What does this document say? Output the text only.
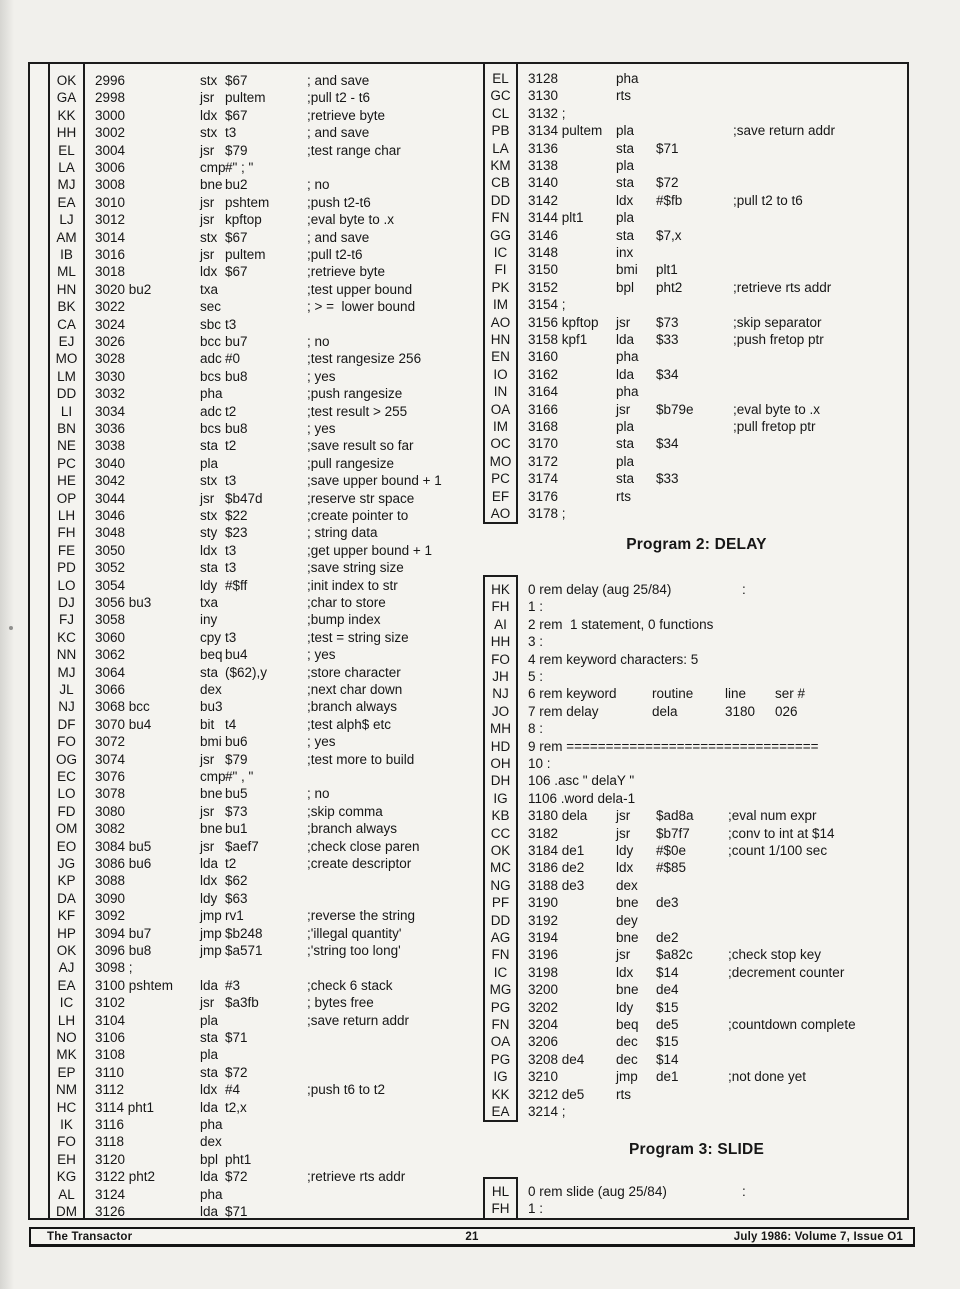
OK	2996	stx $67	; and save
GA	2998	jsr pultem	;pull t2 - t6
KK	3000	ldx $67	;retrieve byte
HH	3002	stx t3	; and save
EL	3004	jsr $79	;test range char
LA	3006	cmp #" ; "
MJ	3008	bne bu2	; no
EA	3010	jsr pshtem	;push t2-t6
LJ	3012	jsr kpftop	;eval byte to .x
AM	3014	stx $67	; and save
IB	3016	jsr pultem	;pull t2-t6
ML	3018	ldx $67	;retrieve byte
HN	3020 bu2	txa	;test upper bound
BK	3022	sec	; > =  lower bound
CA	3024	sbc t3
EJ	3026	bcc bu7	; no
MO	3028	adc #0	;test rangesize 256
LM	3030	bcs bu8	; yes
DD	3032	pha	;push rangesize
LI	3034	adc t2	;test result > 255
BN	3036	bcs bu8	; yes
NE	3038	sta t2	;save result so far
PC	3040	pla	;pull rangesize
HE	3042	stx t3	;save upper bound + 1
OP	3044	jsr $b47d	;reserve str space
LH	3046	stx $22	;create pointer to
FH	3048	sty $23	; string data
FE	3050	ldx t3	;get upper bound + 1
PD	3052	sta t3	;save string size
LO	3054	ldy #$ff	;init index to str
DJ	3056 bu3	txa	;char to store
FJ	3058	iny	;bump index
KC	3060	cpy t3	;test = string size
NN	3062	beq bu4	; yes
MJ	3064	sta ($62),y	;store character
JL	3066	dex	;next char down
NJ	3068 bcc	bu3	;branch always
DF	3070 bu4	bit t4	;test alph$ etc
FO	3072	bmi bu6	; yes
OG	3074	jsr $79	;test more to build
EC	3076	cmp #" , "
LO	3078	bne bu5	; no
FD	3080	jsr $73	;skip comma
OM	3082	bne bu1	;branch always
EO	3084 bu5	jsr $aef7	;check close paren
JG	3086 bu6	lda t2	;create descriptor
KP	3088	ldx $62
DA	3090	ldy $63
KF	3092	jmp rv1	;reverse the string
HP	3094 bu7	jmp $b248	;'illegal quantity'
OK	3096 bu8	jmp $a571	;'string too long'
AJ	3098 ;
EA	3100 pshtem lda #3	;check 6 stack
IC	3102	jsr $a3fb	; bytes free
LH	3104	pla	;save return addr
NO	3106	sta $71
MK	3108	pla
EP	3110	sta $72
NM	3112	ldx #4	;push t6 to t2
HC	3114 pht1	lda t2,x
IK	3116	pha
FO	3118	dex
EH	3120	bpl pht1
KG	3122 pht2	lda $72	;retrieve rts addr
AL	3124	pha
DM	3126	lda $71
EL	3128	pha
GC	3130	rts
CL	3132 ;
PB	3134 pultem pla	;save return addr
LA	3136	sta $71
KM	3138	pla
CB	3140	sta $72
DD	3142	ldx #$fb	;pull t2 to t6
FN	3144 plt1 pla
GG	3146	sta $7,x
IC	3148	inx
FI	3150	bmi plt1
PK	3152	bpl pht2	;retrieve rts addr
IM	3154 ;
AO	3156 kpftop jsr $73	;skip separator
HN	3158 kpf1 lda $33	;push fretop ptr
EN	3160	pha
IO	3162	lda $34
IN	3164	pha
OA	3166	jsr $b79e	;eval byte to .x
IM	3168	pla	;pull fretop ptr
OC	3170	sta $34
MO	3172	pla
PC	3174	sta $33
EF	3176	rts
AO	3178 ;
HK	0 rem delay (aug 25/84)	:
FH	1 :
AI	2 rem  1 statement, 0 functions
HH	3 :
FO	4 rem keyword characters: 5
JH	5 :
NJ	6 rem keyword	routine line ser #
JO	7 rem delay	dela	3180 026
MH	8 :
HD	9 rem ================================
OH	10 :
DH	106 .asc " delaY "
IG	1106 .word dela-1
KB	3180 dela jsr $ad8a	;eval num expr
CC	3182	jsr $b7f7	;conv to int at $14
OK	3184 de1 ldy #$0e	;count 1/100 sec
MC	3186 de2 ldx #$85
NG	3188 de3 dex
PF	3190	bne de3
DD	3192	dey
AG	3194	bne de2
FN	3196	jsr $a82c	;check stop key
IC	3198	ldx $14	;decrement counter
MG	3200	bne de4
PG	3202	ldy $15
FN	3204	beq de5	;countdown complete
OA	3206	dec $15
PG	3208 de4 dec $14
IG	3210	jmp de1	;not done yet
KK	3212 de5 rts
EA	3214 ;
HL	0 rem slide (aug 25/84)	:
FH	1 :
Program 2: DELAY
Program 3: SLIDE
The Transactor	21	July 1986: Volume 7, Issue O1
